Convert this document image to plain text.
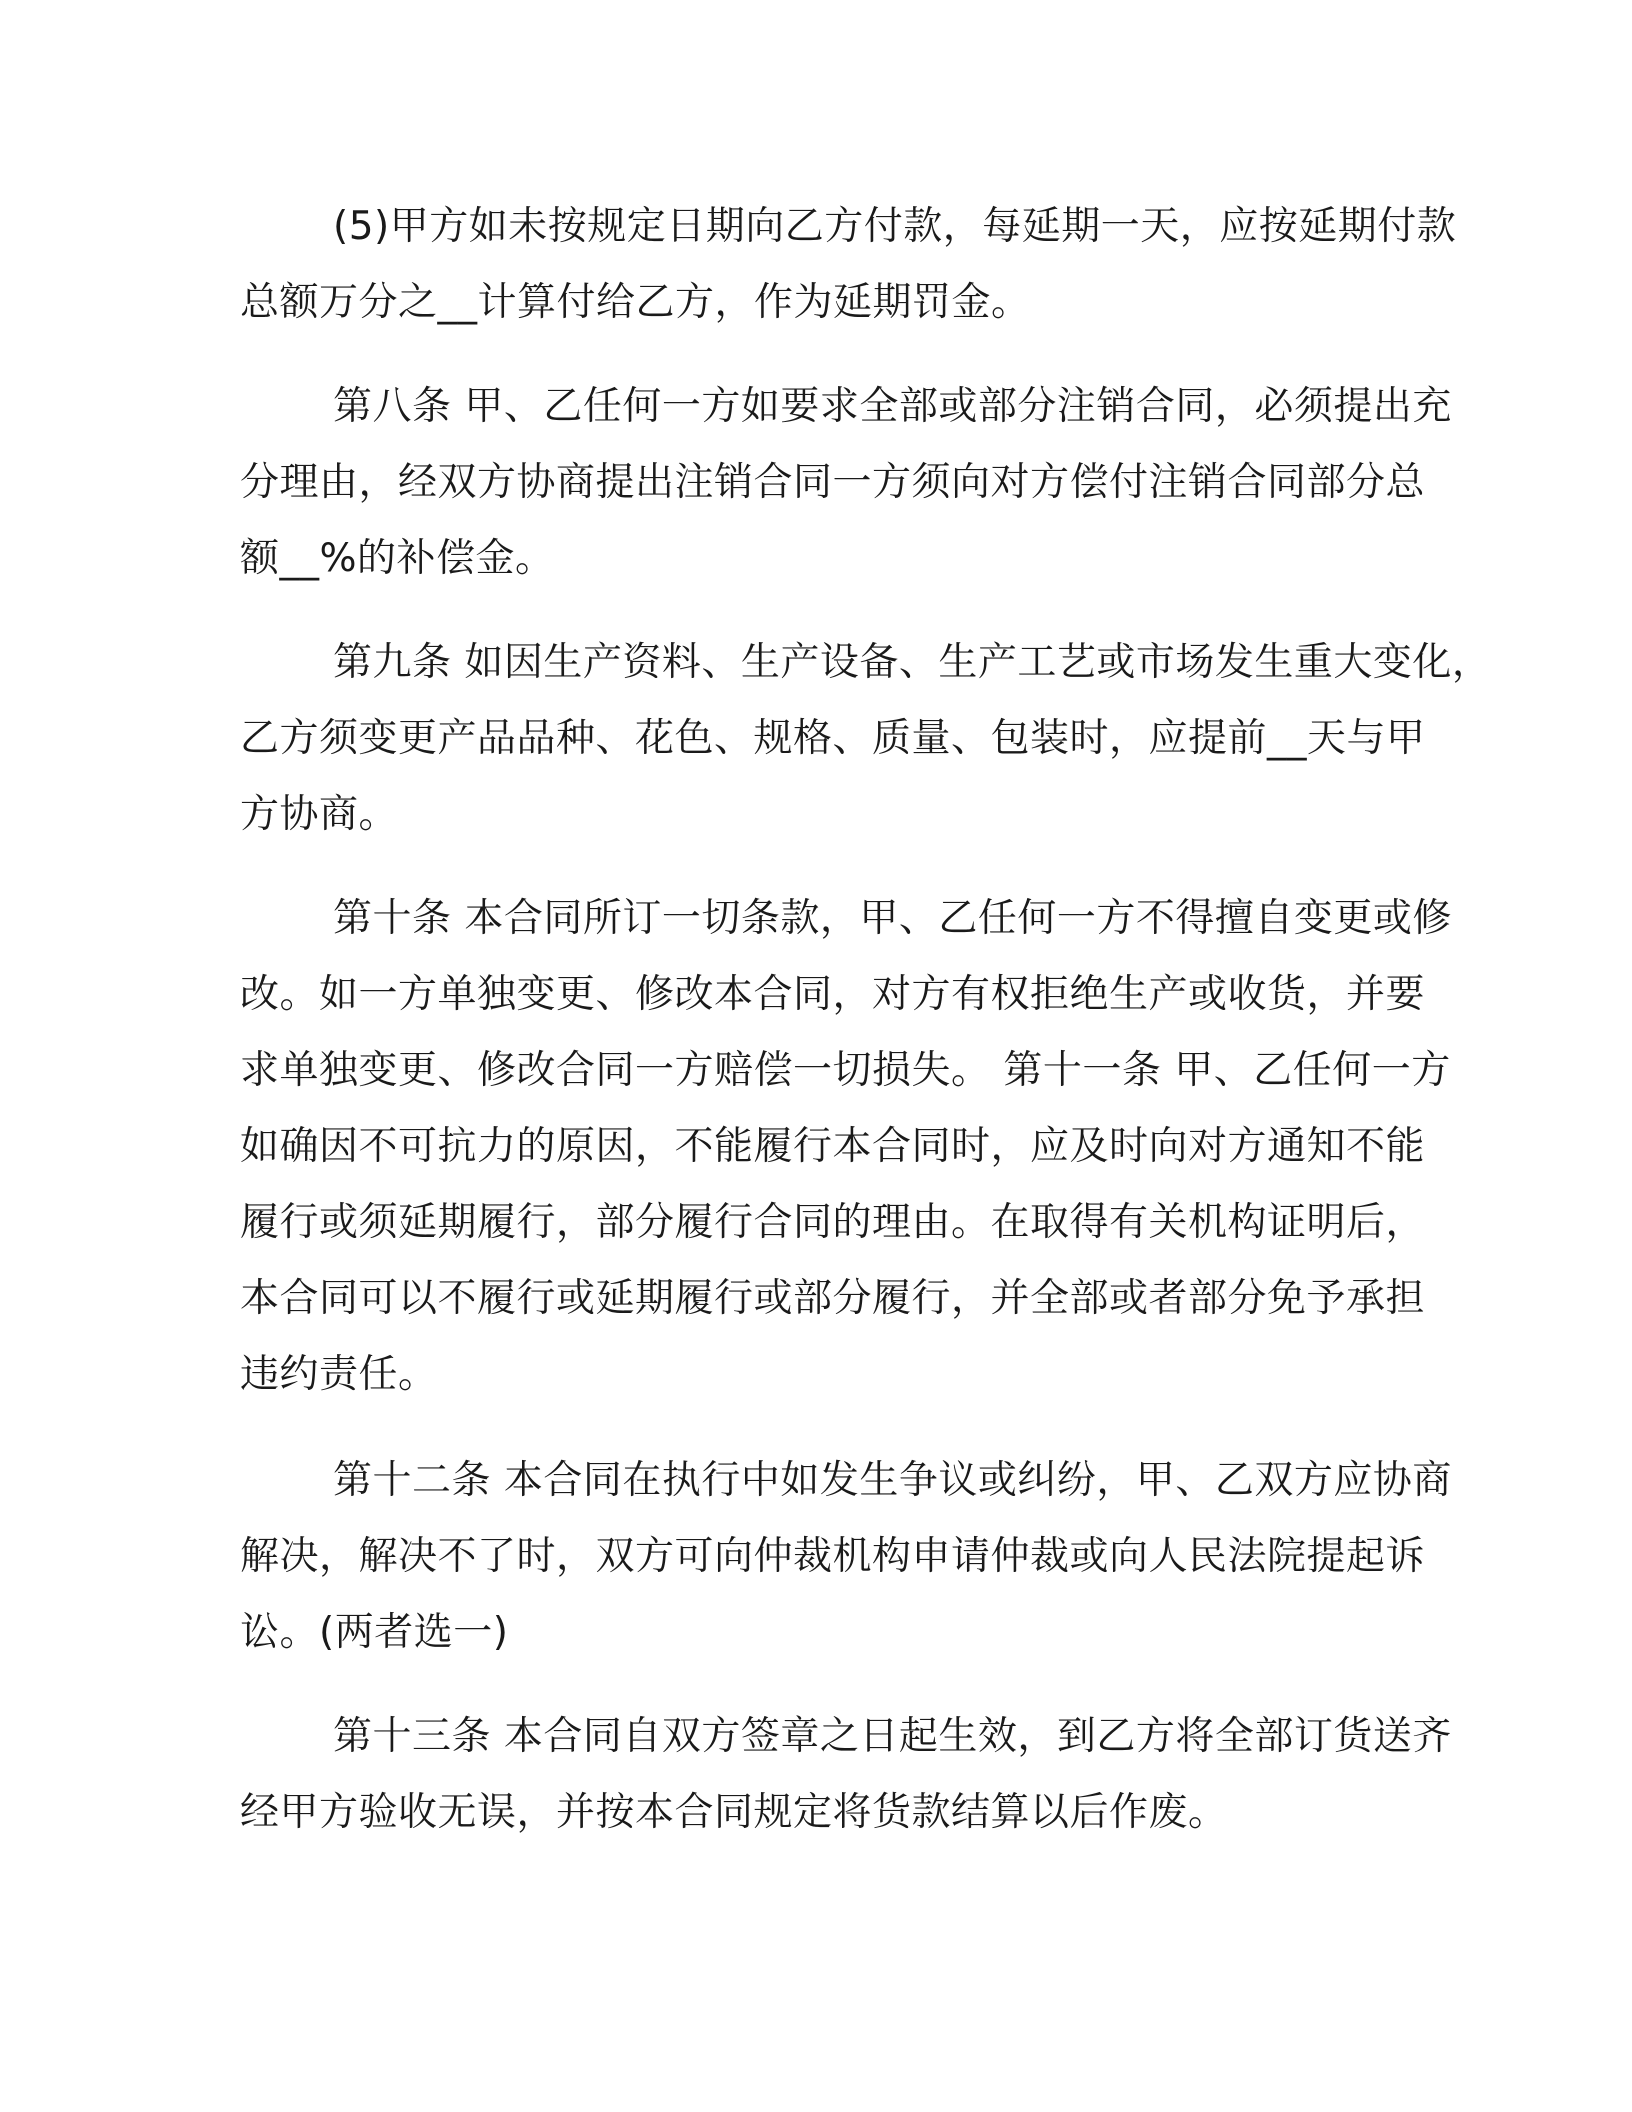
(5)甲方如未按规定日期向乙方付款，每延期一天，应按延期付款
总额万分之__计算付给乙方，作为延期罚金。
第八条 甲、乙任何一方如要求全部或部分注销合同，必须提出充
分理由，经双方协商提出注销合同一方须向对方偿付注销合同部分总
额__%的补偿金。
第九条 如因生产资料、生产设备、生产工艺或市场发生重大变化，
乙方须变更产品品种、花色、规格、质量、包装时，应提前__天与甲
方协商。
第十条 本合同所订一切条款，甲、乙任何一方不得擅自变更或修
改。如一方单独变更、修改本合同，对方有权拒绝生产或收货，并要
求单独变更、修改合同一方赔偿一切损失。 第十一条 甲、乙任何一方
如确因不可抗力的原因，不能履行本合同时，应及时向对方通知不能
履行或须延期履行，部分履行合同的理由。在取得有关机构证明后，
本合同可以不履行或延期履行或部分履行，并全部或者部分免予承担
违约责任。
第十二条 本合同在执行中如发生争议或纠纷，甲、乙双方应协商
解决，解决不了时，双方可向仲裁机构申请仲裁或向人民法院提起诉
讼。(两者选一)
第十三条 本合同自双方签章之日起生效，到乙方将全部订货送齐
经甲方验收无误，并按本合同规定将货款结算以后作废。
